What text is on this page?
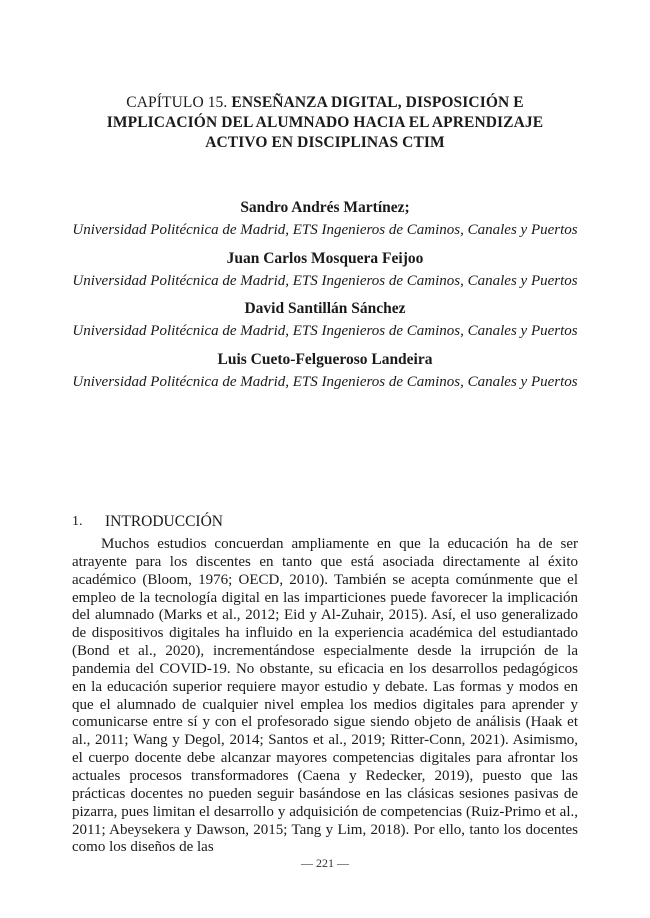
CAPÍTULO 15. ENSEÑANZA DIGITAL, DISPOSICIÓN E IMPLICACIÓN DEL ALUMNADO HACIA EL APRENDIZAJE ACTIVO EN DISCIPLINAS CTIM

Sandro Andrés Martínez;

Universidad Politécnica de Madrid, ETS Ingenieros de Caminos, Canales y Puertos

Juan Carlos Mosquera Feijoo

Universidad Politécnica de Madrid, ETS Ingenieros de Caminos, Canales y Puertos

David Santillán Sánchez

Universidad Politécnica de Madrid, ETS Ingenieros de Caminos, Canales y Puertos

Luis Cueto-Felgueroso Landeira

Universidad Politécnica de Madrid, ETS Ingenieros de Caminos, Canales y Puertos

1.	INTRODUCCIÓN

Muchos estudios concuerdan ampliamente en que la educación ha de ser atrayente para los discentes en tanto que está asociada directamente al éxito académico (Bloom, 1976; OECD, 2010). También se acepta comúnmente que el empleo de la tecnología digital en las imparticiones puede favorecer la implicación del alumnado (Marks et al., 2012; Eid y Al-Zuhair, 2015). Así, el uso generalizado de dispositivos digitales ha influido en la experiencia académica del estudiantado (Bond et al., 2020), incrementándose especialmente desde la irrupción de la pandemia del COVID-19. No obstante, su eficacia en los desarrollos pedagógicos en la educación superior requiere mayor estudio y debate. Las formas y modos en que el alumnado de cualquier nivel emplea los medios digitales para aprender y comunicarse entre sí y con el profesorado sigue siendo objeto de análisis (Haak et al., 2011; Wang y Degol, 2014; Santos et al., 2019; Ritter-Conn, 2021). Asimismo, el cuerpo docente debe alcanzar mayores competencias digitales para afrontar los actuales procesos transformadores (Caena y Redecker, 2019), puesto que las prácticas docentes no pueden seguir basándose en las clásicas sesiones pasivas de pizarra, pues limitan el desarrollo y adquisición de competencias (Ruiz-Primo et al., 2011; Abeysekera y Dawson, 2015; Tang y Lim, 2018). Por ello, tanto los docentes como los diseños de las

— 221 —
